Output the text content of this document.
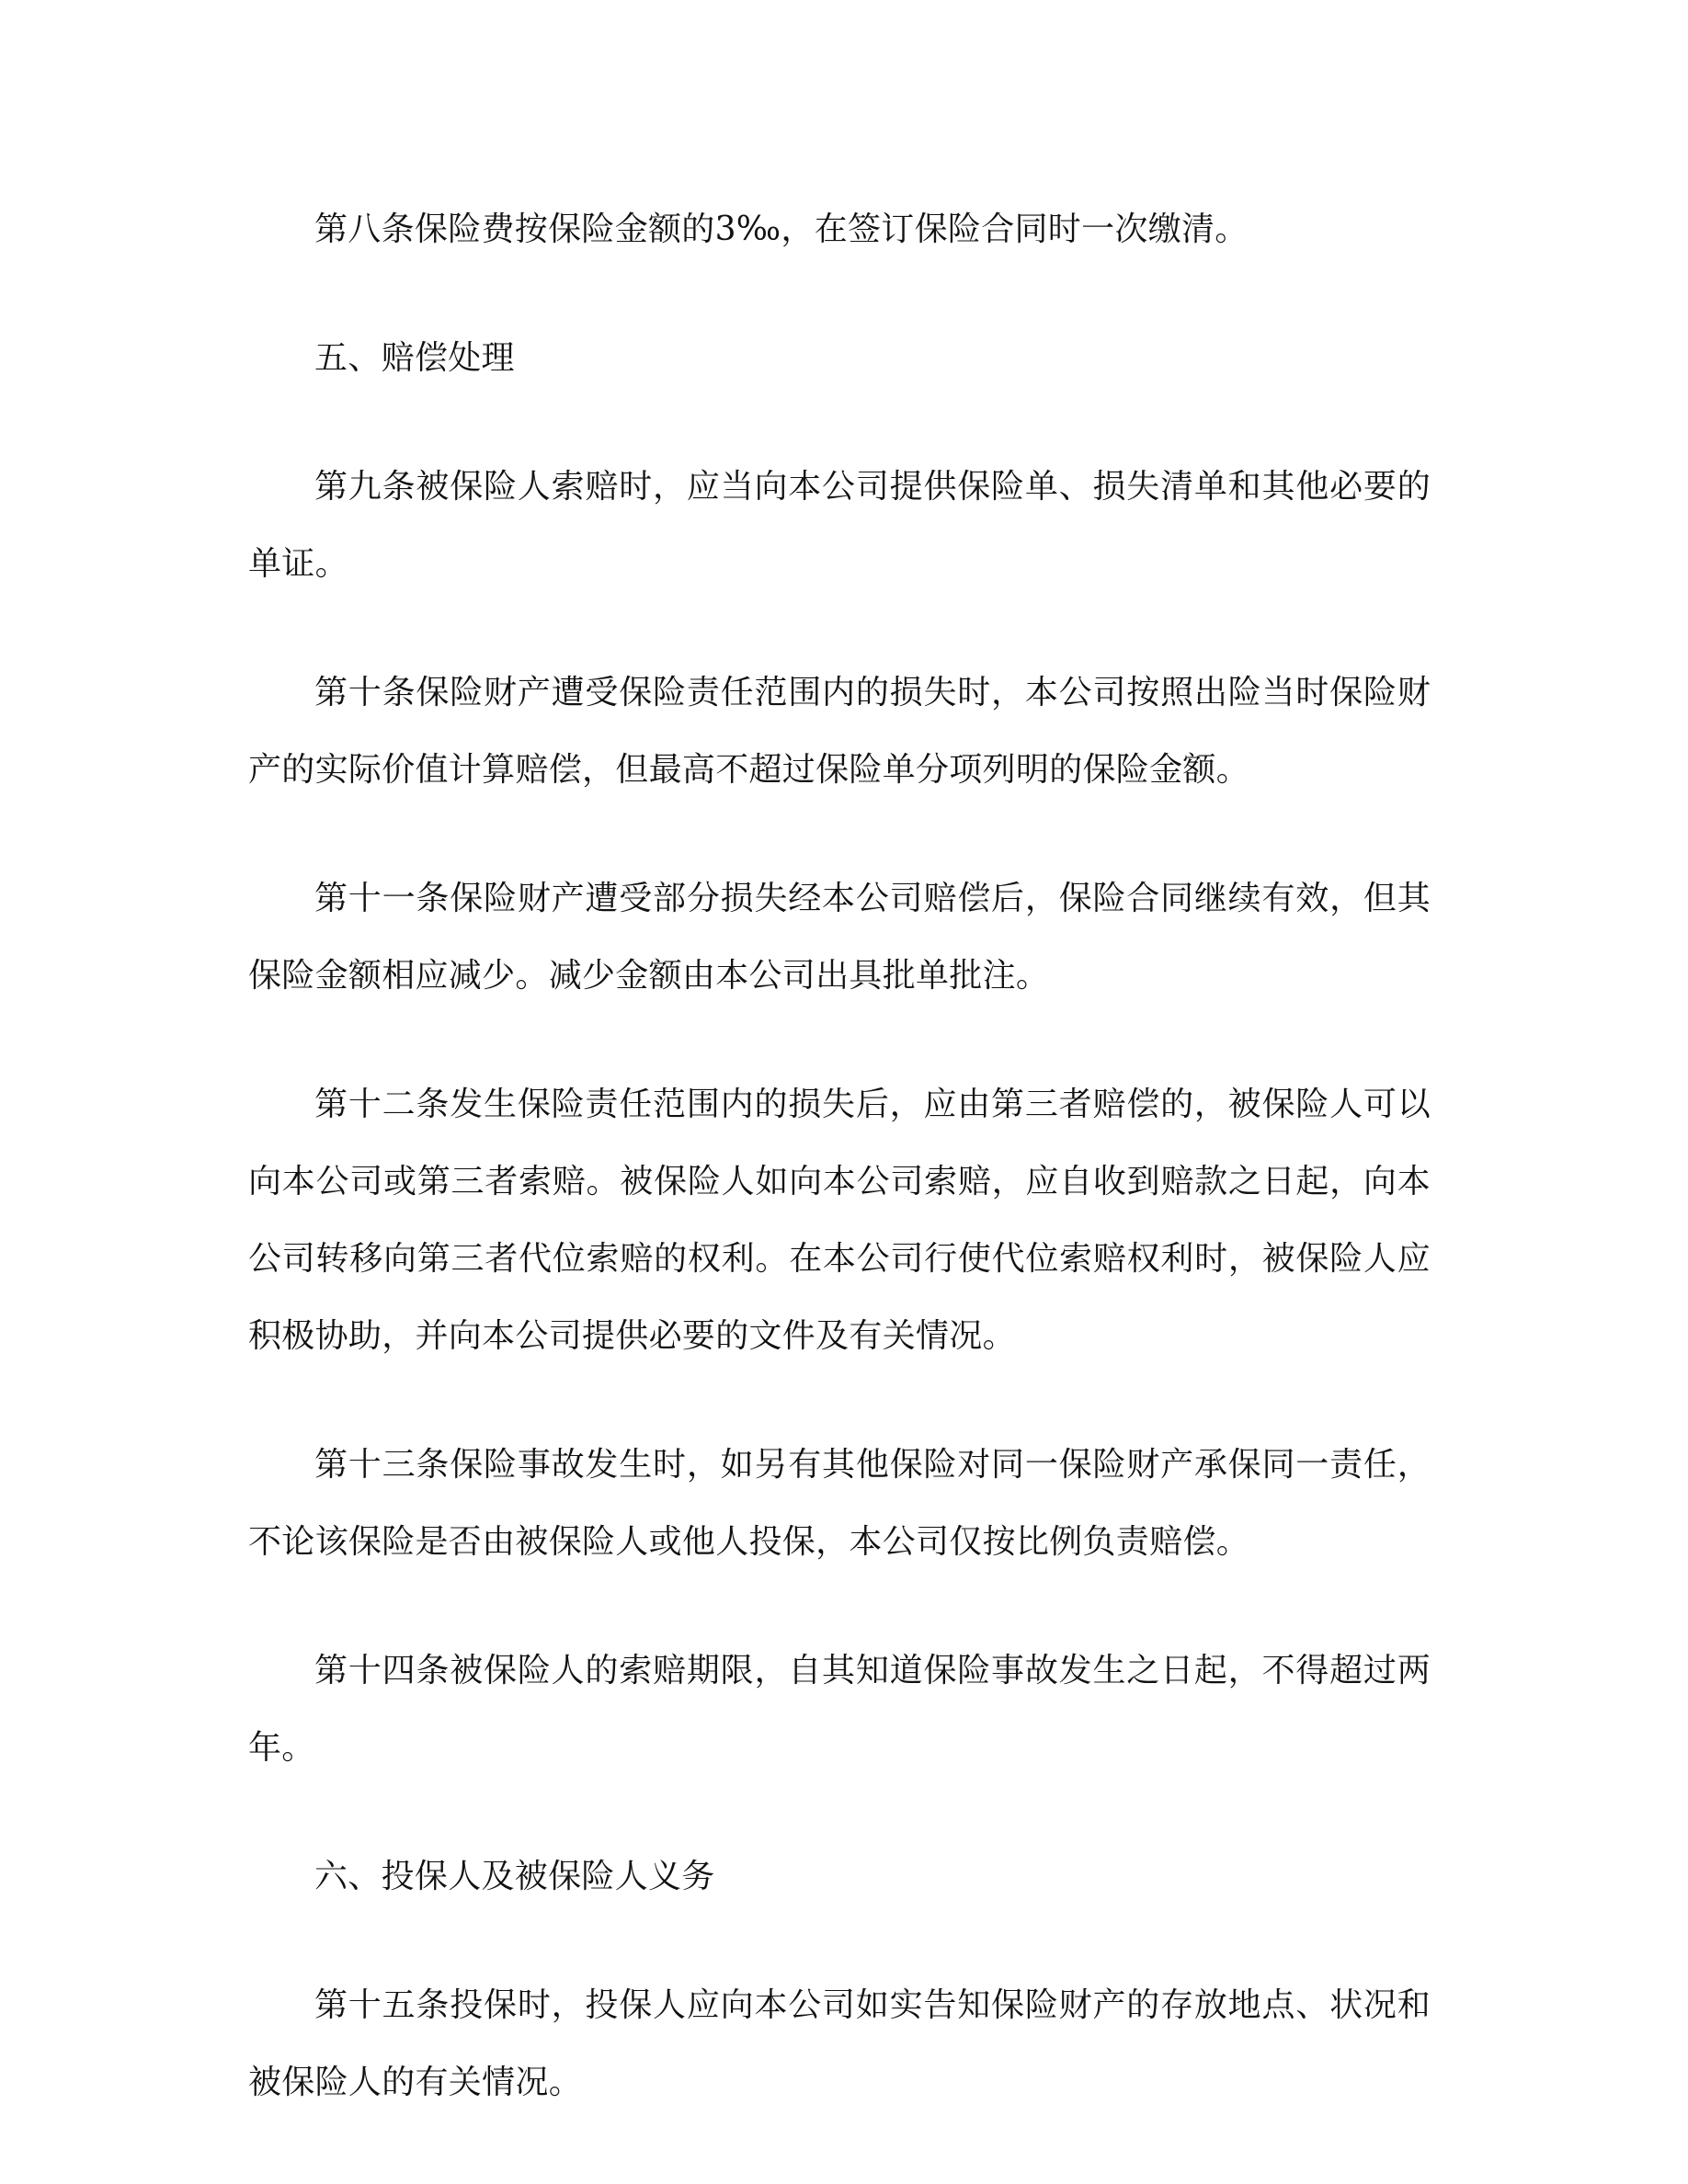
第八条保险费按保险金额的3‰，在签订保险合同时一次缴清。

五、赔偿处理

第九条被保险人索赔时，应当向本公司提供保险单、损失清单和其他必要的单证。

第十条保险财产遭受保险责任范围内的损失时，本公司按照出险当时保险财产的实际价值计算赔偿，但最高不超过保险单分项列明的保险金额。

第十一条保险财产遭受部分损失经本公司赔偿后，保险合同继续有效，但其保险金额相应减少。减少金额由本公司出具批单批注。

第十二条发生保险责任范围内的损失后，应由第三者赔偿的，被保险人可以向本公司或第三者索赔。被保险人如向本公司索赔，应自收到赔款之日起，向本公司转移向第三者代位索赔的权利。在本公司行使代位索赔权利时，被保险人应积极协助，并向本公司提供必要的文件及有关情况。

第十三条保险事故发生时，如另有其他保险对同一保险财产承保同一责任，不论该保险是否由被保险人或他人投保，本公司仅按比例负责赔偿。

第十四条被保险人的索赔期限，自其知道保险事故发生之日起，不得超过两年。

六、投保人及被保险人义务

第十五条投保时，投保人应向本公司如实告知保险财产的存放地点、状况和被保险人的有关情况。
